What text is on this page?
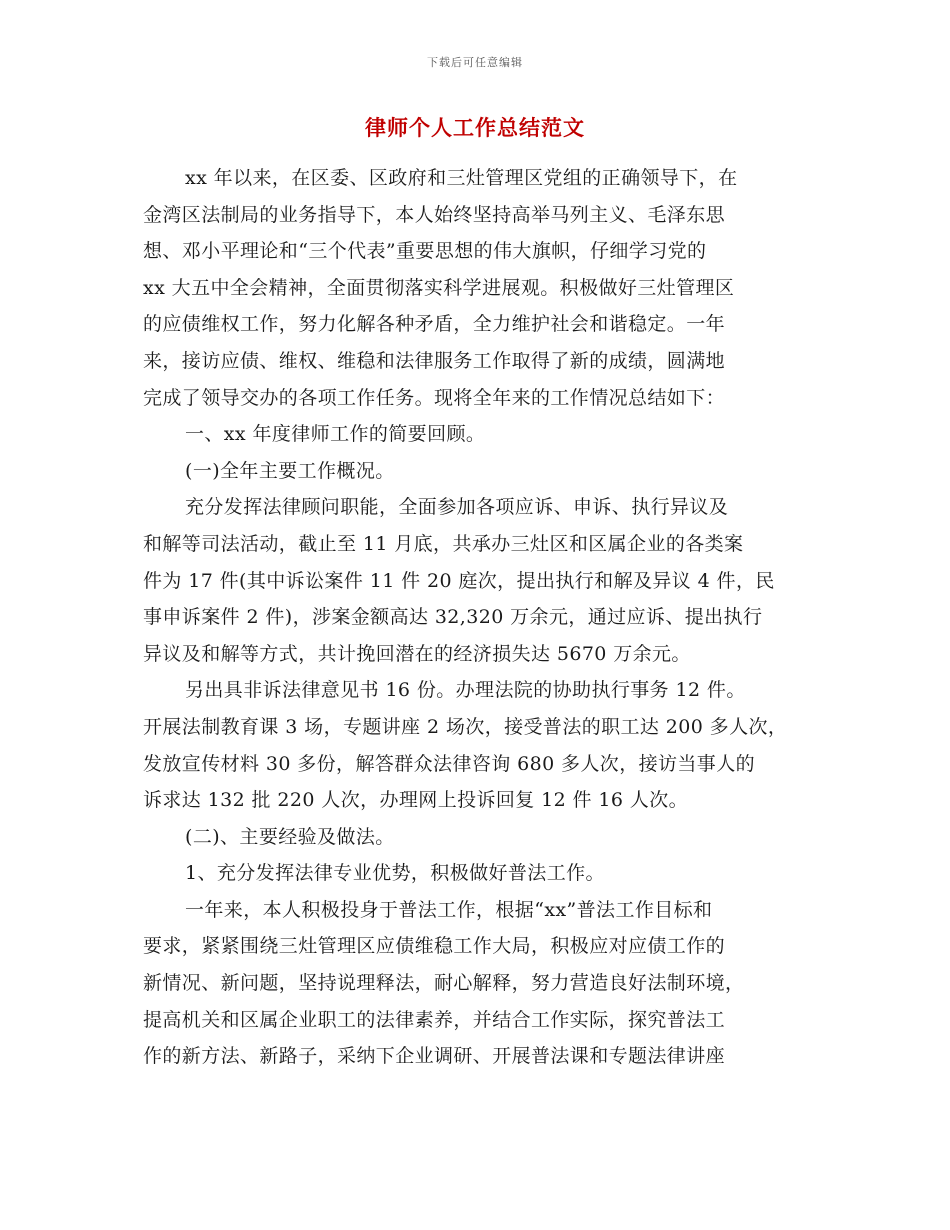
下载后可任意编辑
律师个人工作总结范文
xx 年以来，在区委、区政府和三灶管理区党组的正确领导下，在
金湾区法制局的业务指导下，本人始终坚持高举马列主义、毛泽东思
想、邓小平理论和“三个代表”重要思想的伟大旗帜，仔细学习党的
xx 大五中全会精神，全面贯彻落实科学进展观。积极做好三灶管理区
的应债维权工作，努力化解各种矛盾，全力维护社会和谐稳定。一年
来，接访应债、维权、维稳和法律服务工作取得了新的成绩，圆满地
完成了领导交办的各项工作任务。现将全年来的工作情况总结如下：
一、xx 年度律师工作的简要回顾。
(一)全年主要工作概况。
充分发挥法律顾问职能，全面参加各项应诉、申诉、执行异议及
和解等司法活动，截止至 11 月底，共承办三灶区和区属企业的各类案
件为 17 件(其中诉讼案件 11 件 20 庭次，提出执行和解及异议 4 件，民
事申诉案件 2 件)，涉案金额高达 32,320 万余元，通过应诉、提出执行
异议及和解等方式，共计挽回潜在的经济损失达 5670 万余元。
另出具非诉法律意见书 16 份。办理法院的协助执行事务 12 件。
开展法制教育课 3 场，专题讲座 2 场次，接受普法的职工达 200 多人次，
发放宣传材料 30 多份，解答群众法律咨询 680 多人次，接访当事人的
诉求达 132 批 220 人次，办理网上投诉回复 12 件 16 人次。
(二)、主要经验及做法。
1、充分发挥法律专业优势，积极做好普法工作。
一年来，本人积极投身于普法工作，根据“xx”普法工作目标和
要求，紧紧围绕三灶管理区应债维稳工作大局，积极应对应债工作的
新情况、新问题，坚持说理释法，耐心解释，努力营造良好法制环境，
提高机关和区属企业职工的法律素养，并结合工作实际，探究普法工
作的新方法、新路子，采纳下企业调研、开展普法课和专题法律讲座
